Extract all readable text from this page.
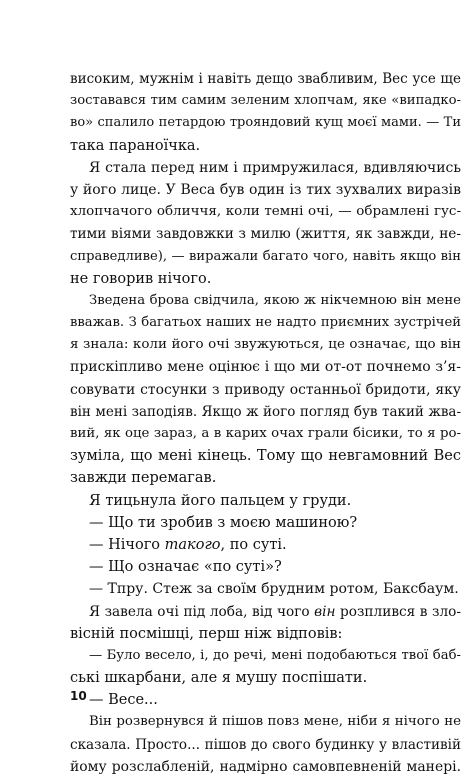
високим, мужнім і навіть дещо звабливим, Вес усе ще
зоставався тим самим зеленим хлопчам, яке «випадко-
во» спалило петардою трояндовий кущ моєї мами. — Ти
така параноїчка.
Я стала перед ним і примружилася, вдивляючись
у його лице. У Веса був один із тих зухвалих виразів
хлопчачого обличчя, коли темні очі, — обрамлені гус-
тими віями завдовжки з милю (життя, як завжди, не-
справедливе), — виражали багато чого, навіть якщо він
не говорив нічого.
Зведена брова свідчила, якою ж нікчемною він мене
вважав. З багатьох наших не надто приємних зустрічей
я знала: коли його очі звужуються, це означає, що він
прискіпливо мене оцінює і що ми от-от почнемо з’я-
совувати стосунки з приводу останньої бридоти, яку
він мені заподіяв. Якщо ж його погляд був такий жва-
вий, як оце зараз, а в карих очах грали бісики, то я ро-
зуміла, що мені кінець. Тому що невгамовний Вес
завжди перемагав.
Я тицьнула його пальцем у груди.
— Що ти зробив з моєю машиною?
— Нічого такого, по суті.
— Що означає «по суті»?
— Тпру. Стеж за своїм брудним ротом, Баксбаум.
Я завела очі під лоба, від чого він розплився в зло-
вісній посмішці, перш ніж відповів:
— Було весело, і, до речі, мені подобаються твої баб-
ські шкарбани, але я мушу поспішати.
— Весе...
Він розвернувся й пішов повз мене, ніби я нічого не
сказала. Просто... пішов до свого будинку у властивій
йому розслабленій, надмірно самовпевненій манері.
10
